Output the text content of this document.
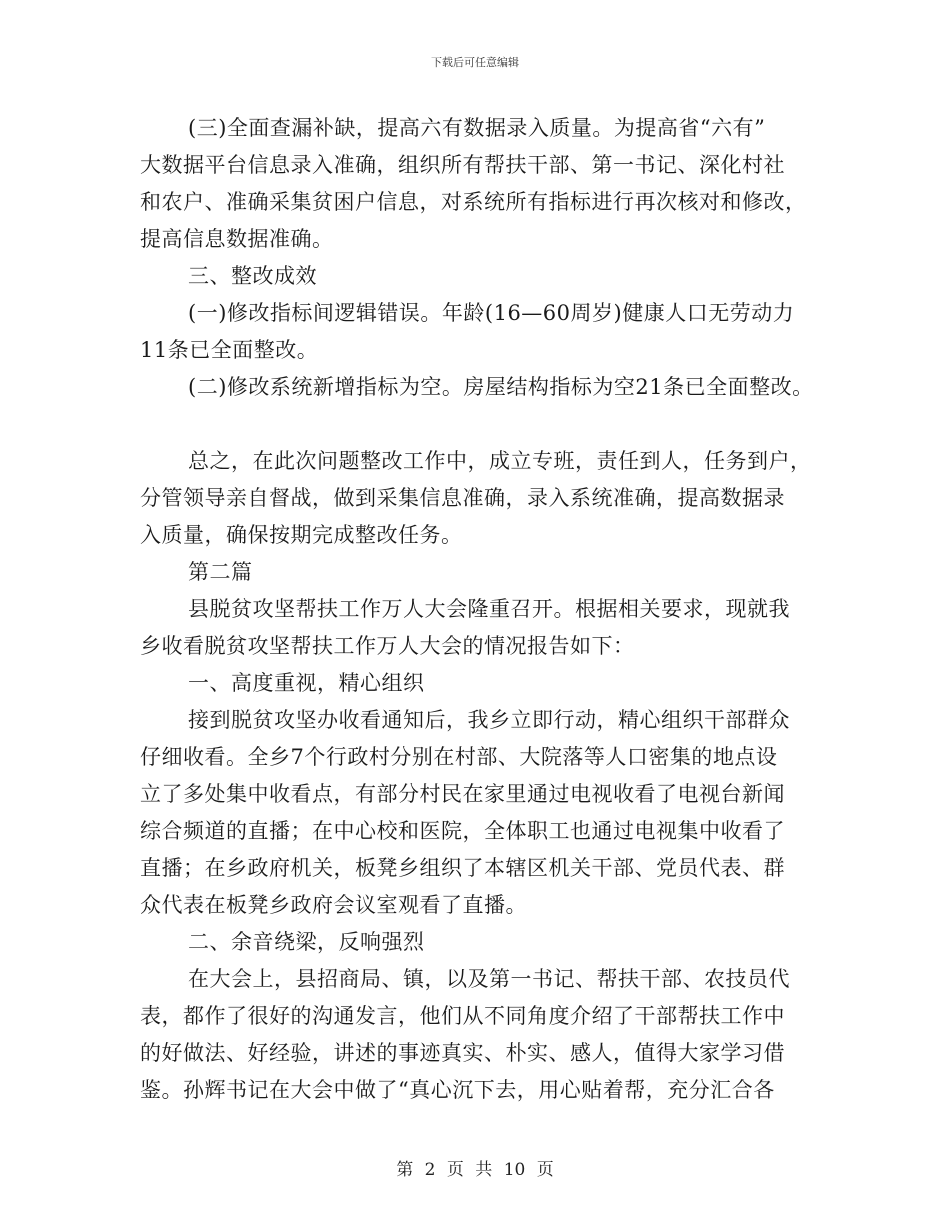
下载后可任意编辑
(三)全面查漏补缺，提高六有数据录入质量。为提高省“六有”
大数据平台信息录入准确，组织所有帮扶干部、第一书记、深化村社
和农户、准确采集贫困户信息，对系统所有指标进行再次核对和修改，
提高信息数据准确。
三、整改成效
(一)修改指标间逻辑错误。年龄(16—60周岁)健康人口无劳动力
11条已全面整改。
(二)修改系统新增指标为空。房屋结构指标为空21条已全面整改。
总之，在此次问题整改工作中，成立专班，责任到人，任务到户，
分管领导亲自督战，做到采集信息准确，录入系统准确，提高数据录
入质量，确保按期完成整改任务。
第二篇
县脱贫攻坚帮扶工作万人大会隆重召开。根据相关要求，现就我
乡收看脱贫攻坚帮扶工作万人大会的情况报告如下：
一、高度重视，精心组织
接到脱贫攻坚办收看通知后，我乡立即行动，精心组织干部群众
仔细收看。全乡7个行政村分别在村部、大院落等人口密集的地点设
立了多处集中收看点，有部分村民在家里通过电视收看了电视台新闻
综合频道的直播；在中心校和医院，全体职工也通过电视集中收看了
直播；在乡政府机关，板凳乡组织了本辖区机关干部、党员代表、群
众代表在板凳乡政府会议室观看了直播。
二、余音绕梁，反响强烈
在大会上，县招商局、镇，以及第一书记、帮扶干部、农技员代
表，都作了很好的沟通发言，他们从不同角度介绍了干部帮扶工作中
的好做法、好经验，讲述的事迹真实、朴实、感人，值得大家学习借
鉴。孙辉书记在大会中做了“真心沉下去，用心贴着帮，充分汇合各
第 2 页 共 10 页
